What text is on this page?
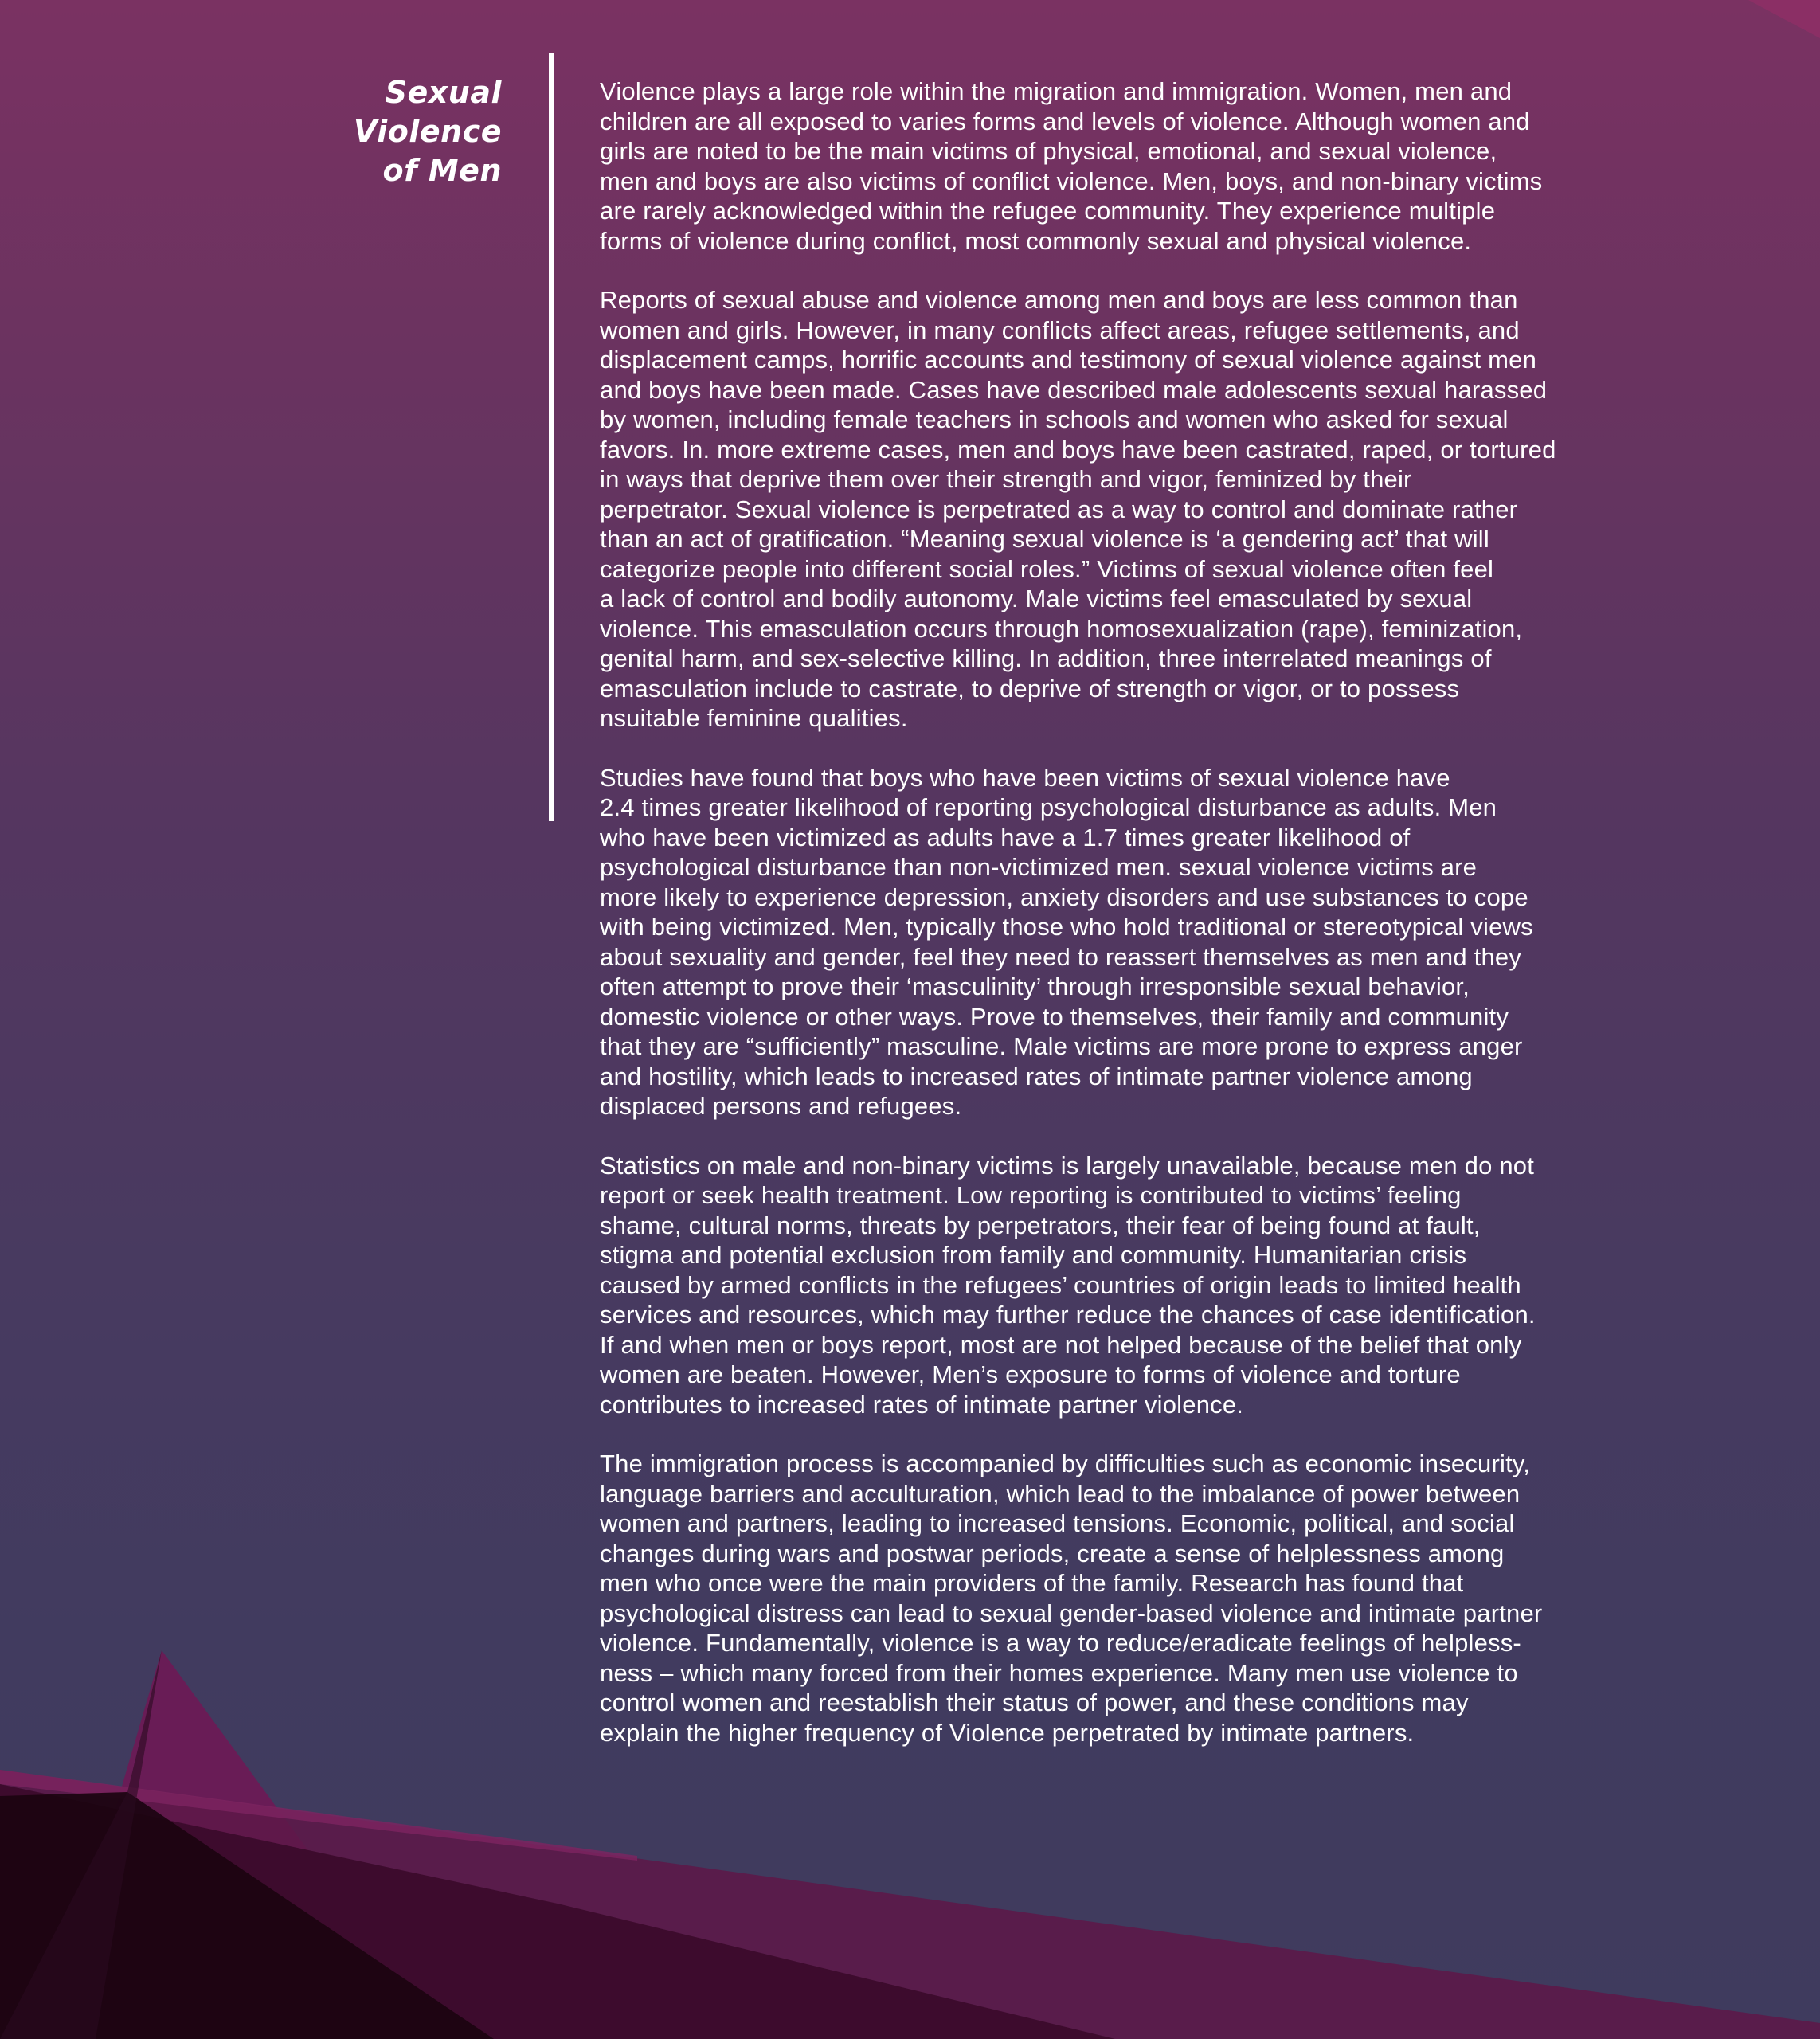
Sexual
Violence
of Men

Violence plays a large role within the migration and immigration. Women, men and
children are all exposed to varies forms and levels of violence. Although women and
girls are noted to be the main victims of physical, emotional, and sexual violence,
men and boys are also victims of conflict violence. Men, boys, and non-binary victims
are rarely acknowledged within the refugee community. They experience multiple
forms of violence during conflict, most commonly sexual and physical violence.

Reports of sexual abuse and violence among men and boys are less common than
women and girls. However, in many conflicts affect areas, refugee settlements, and
displacement camps, horrific accounts and testimony of sexual violence against men
and boys have been made. Cases have described male adolescents sexual harassed
by women, including female teachers in schools and women who asked for sexual
favors. In. more extreme cases, men and boys have been castrated, raped, or tortured
in ways that deprive them over their strength and vigor, feminized by their
perpetrator. Sexual violence is perpetrated as a way to control and dominate rather
than an act of gratification. “Meaning sexual violence is ‘a gendering act’ that will
categorize people into different social roles.” Victims of sexual violence often feel
a lack of control and bodily autonomy. Male victims feel emasculated by sexual
violence. This emasculation occurs through homosexualization (rape), feminization,
genital harm, and sex-selective killing. In addition, three interrelated meanings of
emasculation include to castrate, to deprive of strength or vigor, or to possess
nsuitable feminine qualities.

Studies have found that boys who have been victims of sexual violence have
2.4 times greater likelihood of reporting psychological disturbance as adults. Men
who have been victimized as adults have a 1.7 times greater likelihood of
psychological disturbance than non-victimized men. sexual violence victims are
more likely to experience depression, anxiety disorders and use substances to cope
with being victimized. Men, typically those who hold traditional or stereotypical views
about sexuality and gender, feel they need to reassert themselves as men and they
often attempt to prove their ‘masculinity’ through irresponsible sexual behavior,
domestic violence or other ways. Prove to themselves, their family and community
that they are “sufficiently” masculine. Male victims are more prone to express anger
and hostility, which leads to increased rates of intimate partner violence among
displaced persons and refugees.

Statistics on male and non-binary victims is largely unavailable, because men do not
report or seek health treatment. Low reporting is contributed to victims’ feeling
shame, cultural norms, threats by perpetrators, their fear of being found at fault,
stigma and potential exclusion from family and community. Humanitarian crisis
caused by armed conflicts in the refugees’ countries of origin leads to limited health
services and resources, which may further reduce the chances of case identification.
If and when men or boys report, most are not helped because of the belief that only
women are beaten. However, Men’s exposure to forms of violence and torture
contributes to increased rates of intimate partner violence.

The immigration process is accompanied by difficulties such as economic insecurity,
language barriers and acculturation, which lead to the imbalance of power between
women and partners, leading to increased tensions. Economic, political, and social
changes during wars and postwar periods, create a sense of helplessness among
men who once were the main providers of the family. Research has found that
psychological distress can lead to sexual gender-based violence and intimate partner
violence. Fundamentally, violence is a way to reduce/eradicate feelings of helpless-
ness – which many forced from their homes experience. Many men use violence to
control women and reestablish their status of power, and these conditions may
explain the higher frequency of Violence perpetrated by intimate partners.
